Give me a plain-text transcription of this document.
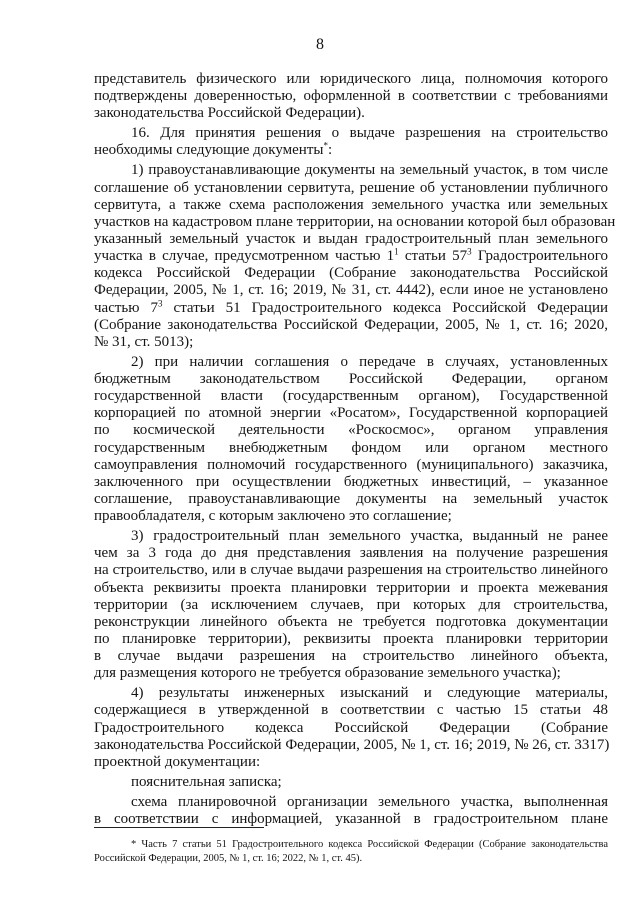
8
представитель физического или юридического лица, полномочия которого
подтверждены доверенностью, оформленной в соответствии с требованиями
законодательства Российской Федерации).
16. Для принятия решения о выдаче разрешения на строительство
необходимы следующие документы*:
1) правоустанавливающие документы на земельный участок, в том числе
соглашение об установлении сервитута, решение об установлении публичного
сервитута, а также схема расположения земельного участка или земельных
участков на кадастровом плане территории, на основании которой был образован
указанный земельный участок и выдан градостроительный план земельного
участка в случае, предусмотренном частью $1^1$ статьи $57^3$ Градостроительного
кодекса Российской Федерации (Собрание законодательства Российской
Федерации, 2005, № 1, ст. 16; 2019, № 31, ст. 4442), если иное не установлено
частью $7^3$ статьи 51 Градостроительного кодекса Российской Федерации
(Собрание законодательства Российской Федерации, 2005, № 1, ст. 16; 2020,
№ 31, ст. 5013);
2) при наличии соглашения о передаче в случаях, установленных
бюджетным законодательством Российской Федерации, органом
государственной власти (государственным органом), Государственной
корпорацией по атомной энергии «Росатом», Государственной корпорацией
по космической деятельности «Роскосмос», органом управления
государственным внебюджетным фондом или органом местного
самоуправления полномочий государственного (муниципального) заказчика,
заключенного при осуществлении бюджетных инвестиций, – указанное
соглашение, правоустанавливающие документы на земельный участок
правообладателя, с которым заключено это соглашение;
3) градостроительный план земельного участка, выданный не ранее
чем за 3 года до дня представления заявления на получение разрешения
на строительство, или в случае выдачи разрешения на строительство линейного
объекта реквизиты проекта планировки территории и проекта межевания
территории (за исключением случаев, при которых для строительства,
реконструкции линейного объекта не требуется подготовка документации
по планировке территории), реквизиты проекта планировки территории
в случае выдачи разрешения на строительство линейного объекта,
для размещения которого не требуется образование земельного участка);
4) результаты инженерных изысканий и следующие материалы,
содержащиеся в утвержденной в соответствии с частью 15 статьи 48
Градостроительного кодекса Российской Федерации (Собрание
законодательства Российской Федерации, 2005, № 1, ст. 16; 2019, № 26, ст. 3317)
проектной документации:
пояснительная записка;
схема планировочной организации земельного участка, выполненная
в соответствии с информацией, указанной в градостроительном плане
* Часть 7 статьи 51 Градостроительного кодекса Российской Федерации (Собрание законодательства
Российской Федерации, 2005, № 1, ст. 16; 2022, № 1, ст. 45).
